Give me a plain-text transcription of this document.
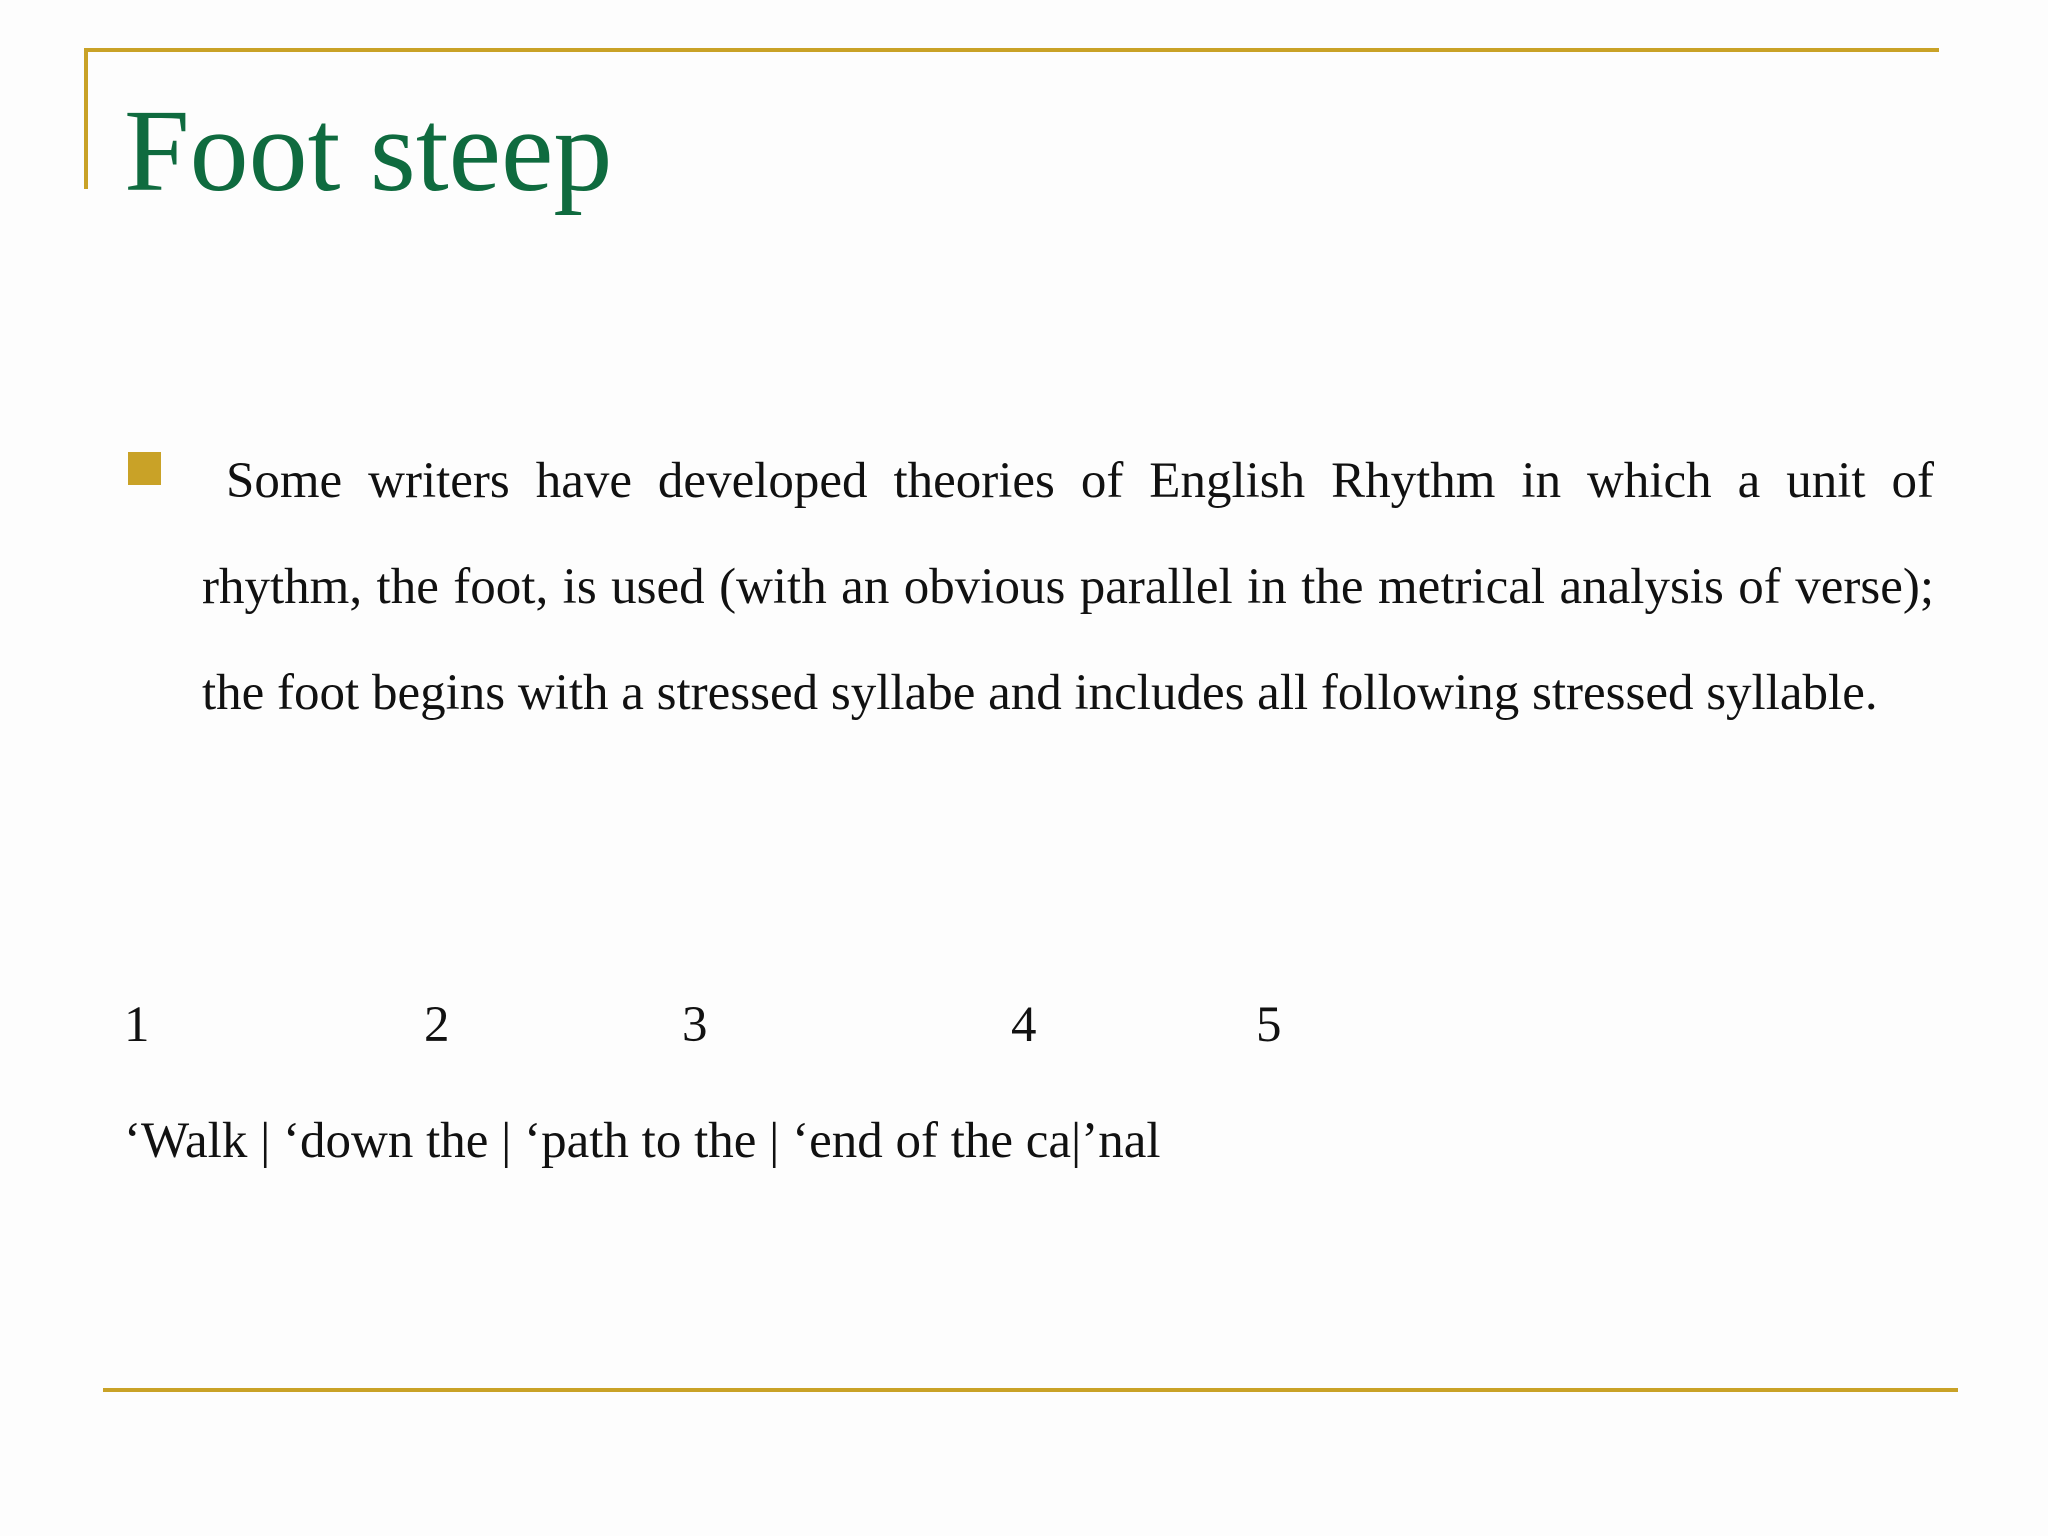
Foot steep

Some writers have developed theories of English Rhythm in which a unit of rhythm, the foot, is used (with an obvious parallel in the metrical analysis of verse); the foot begins with a stressed syllabe and includes all following stressed syllable.

1	2	3	4	5
‘Walk | ‘down the | ‘path to the | ‘end of the ca|’nal
